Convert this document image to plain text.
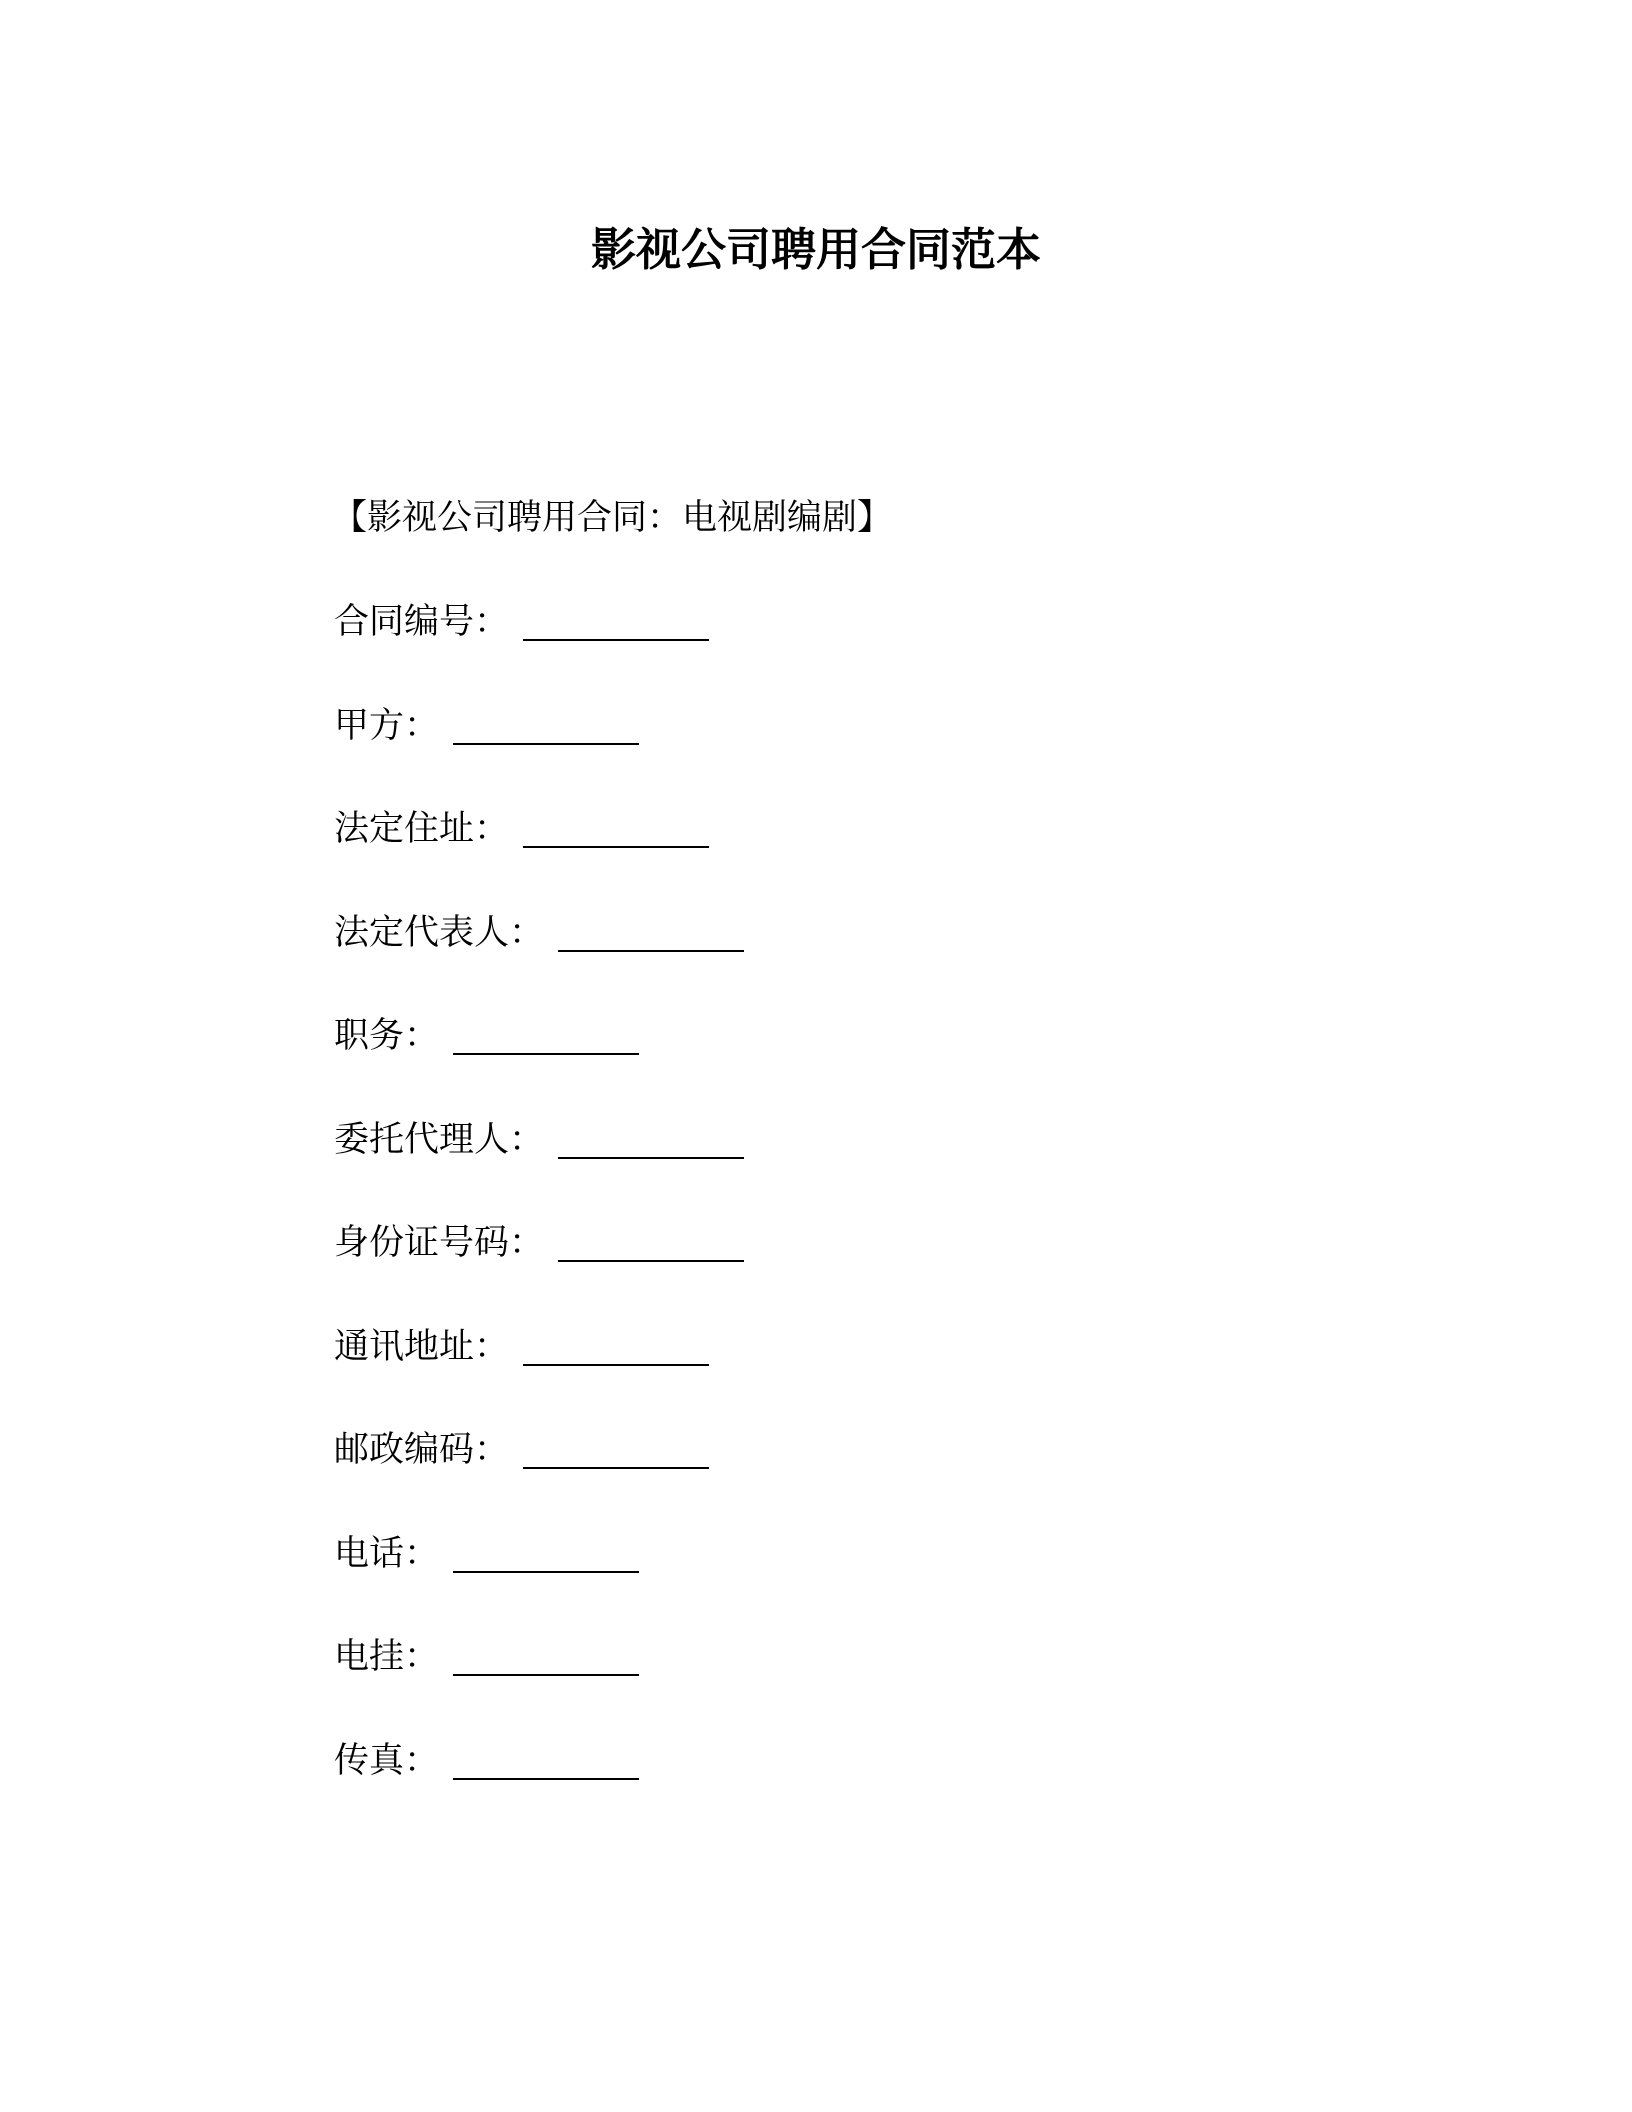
影视公司聘用合同范本
【影视公司聘用合同：电视剧编剧】
合同编号：
甲方：
法定住址：
法定代表人：
职务：
委托代理人：
身份证号码：
通讯地址：
邮政编码：
电话：
电挂：
传真：
